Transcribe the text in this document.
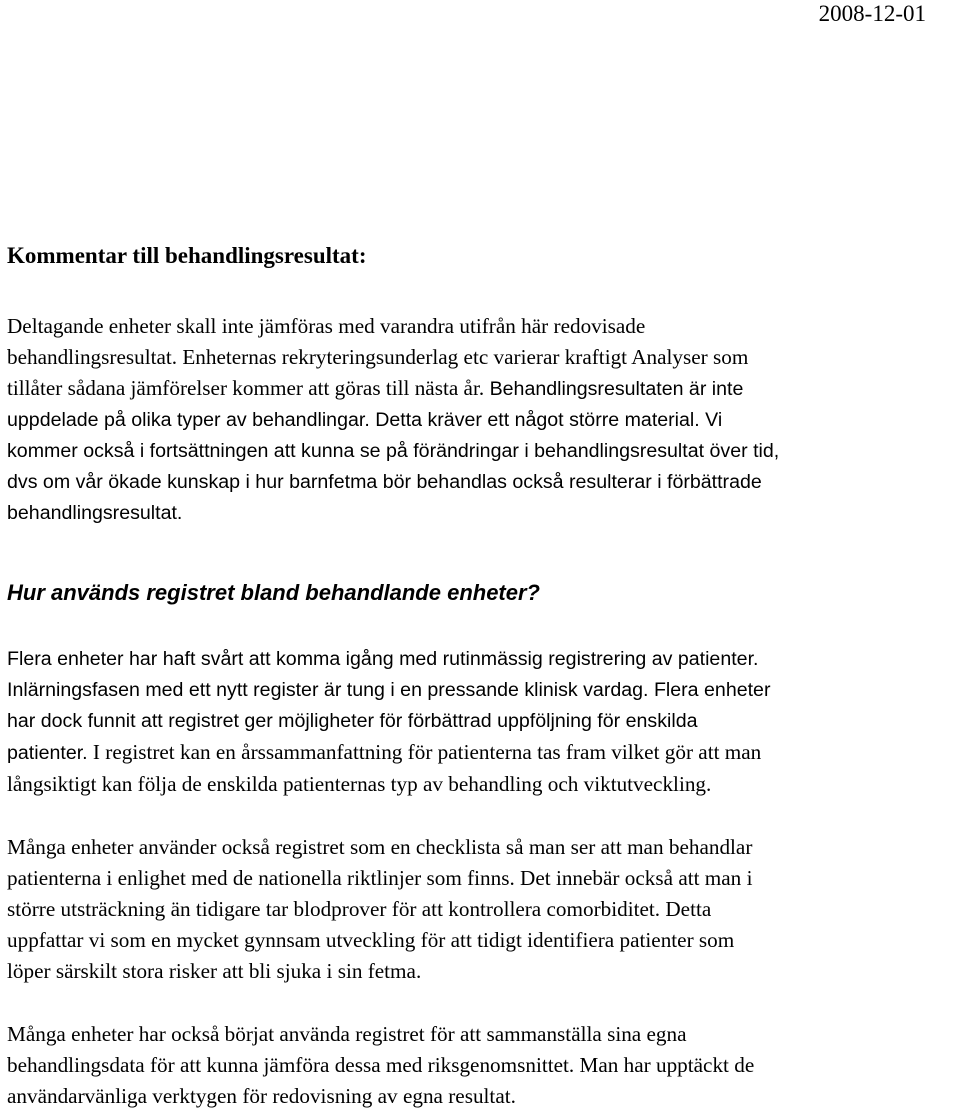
2008-12-01
Kommentar till behandlingsresultat:

Deltagande enheter skall inte jämföras med varandra utifrån här redovisade

behandlingsresultat. Enheternas rekryteringsunderlag etc varierar kraftigt Analyser som

tillåter sådana jämförelser kommer att göras till nästa år. Behandlingsresultaten är inte

uppdelade på olika typer av behandlingar. Detta kräver ett något större material. Vi

kommer också i fortsättningen att kunna se på förändringar i behandlingsresultat över tid,

dvs om vår ökade kunskap i hur barnfetma bör behandlas också resulterar i förbättrade

behandlingsresultat.

Hur används registret bland behandlande enheter?

Flera enheter har haft svårt att komma igång med rutinmässig registrering av patienter.

Inlärningsfasen med ett nytt register är tung i en pressande klinisk vardag. Flera enheter

har dock funnit att registret ger möjligheter för förbättrad uppföljning för enskilda

patienter. I registret kan en årssammanfattning för patienterna tas fram vilket gör att man

långsiktigt kan följa de enskilda patienternas typ av behandling och viktutveckling.

Många enheter använder också registret som en checklista så man ser att man behandlar

patienterna i enlighet med de nationella riktlinjer som finns. Det innebär också att man i

större utsträckning än tidigare tar blodprover för att kontrollera comorbiditet. Detta

uppfattar vi som en mycket gynnsam utveckling för att tidigt identifiera patienter som

löper särskilt stora risker att bli sjuka i sin fetma.

Många enheter har också börjat använda registret för att sammanställa sina egna

behandlingsdata för att kunna jämföra dessa med riksgenomsnittet. Man har upptäckt de

användarvänliga verktygen för redovisning av egna resultat.
